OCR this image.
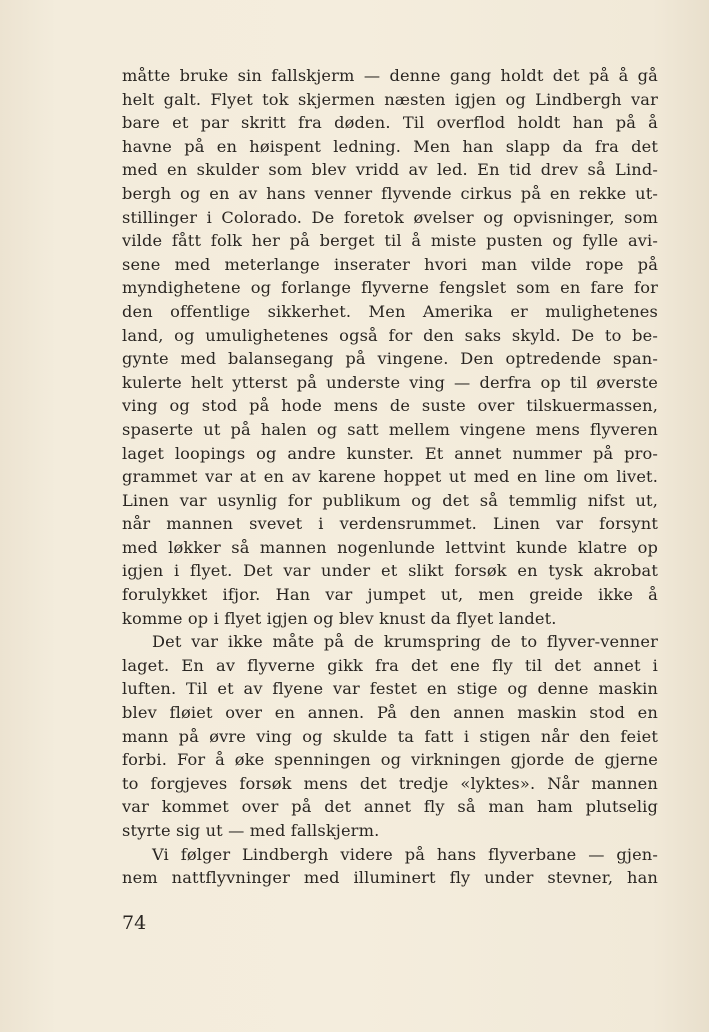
måtte bruke sin fallskjerm — denne gang holdt det på å gå
helt galt. Flyet tok skjermen næsten igjen og Lindbergh var
bare et par skritt fra døden. Til overflod holdt han på å
havne på en høispent ledning. Men han slapp da fra det
med en skulder som blev vridd av led. En tid drev så Lind-
bergh og en av hans venner flyvende cirkus på en rekke ut-
stillinger i Colorado. De foretok øvelser og opvisninger, som
vilde fått folk her på berget til å miste pusten og fylle avi-
sene med meterlange inserater hvori man vilde rope på
myndighetene og forlange flyverne fengslet som en fare for
den offentlige sikkerhet. Men Amerika er mulighetenes
land, og umulighetenes også for den saks skyld. De to be-
gynte med balansegang på vingene. Den optredende span-
kulerte helt ytterst på underste ving — derfra op til øverste
ving og stod på hode mens de suste over tilskuermassen,
spaserte ut på halen og satt mellem vingene mens flyveren
laget loopings og andre kunster. Et annet nummer på pro-
grammet var at en av karene hoppet ut med en line om livet.
Linen var usynlig for publikum og det så temmlig nifst ut,
når mannen svevet i verdensrummet. Linen var forsynt
med løkker så mannen nogenlunde lettvint kunde klatre op
igjen i flyet. Det var under et slikt forsøk en tysk akrobat
forulykket ifjor. Han var jumpet ut, men greide ikke å
komme op i flyet igjen og blev knust da flyet landet.
Det var ikke måte på de krumspring de to flyver-venner
laget. En av flyverne gikk fra det ene fly til det annet i
luften. Til et av flyene var festet en stige og denne maskin
blev fløiet over en annen. På den annen maskin stod en
mann på øvre ving og skulde ta fatt i stigen når den feiet
forbi. For å øke spenningen og virkningen gjorde de gjerne
to forgjeves forsøk mens det tredje «lyktes». Når mannen
var kommet over på det annet fly så man ham plutselig
styrte sig ut — med fallskjerm.
Vi følger Lindbergh videre på hans flyverbane — gjen-
nem nattflyvninger med illuminert fly under stevner, han
74
